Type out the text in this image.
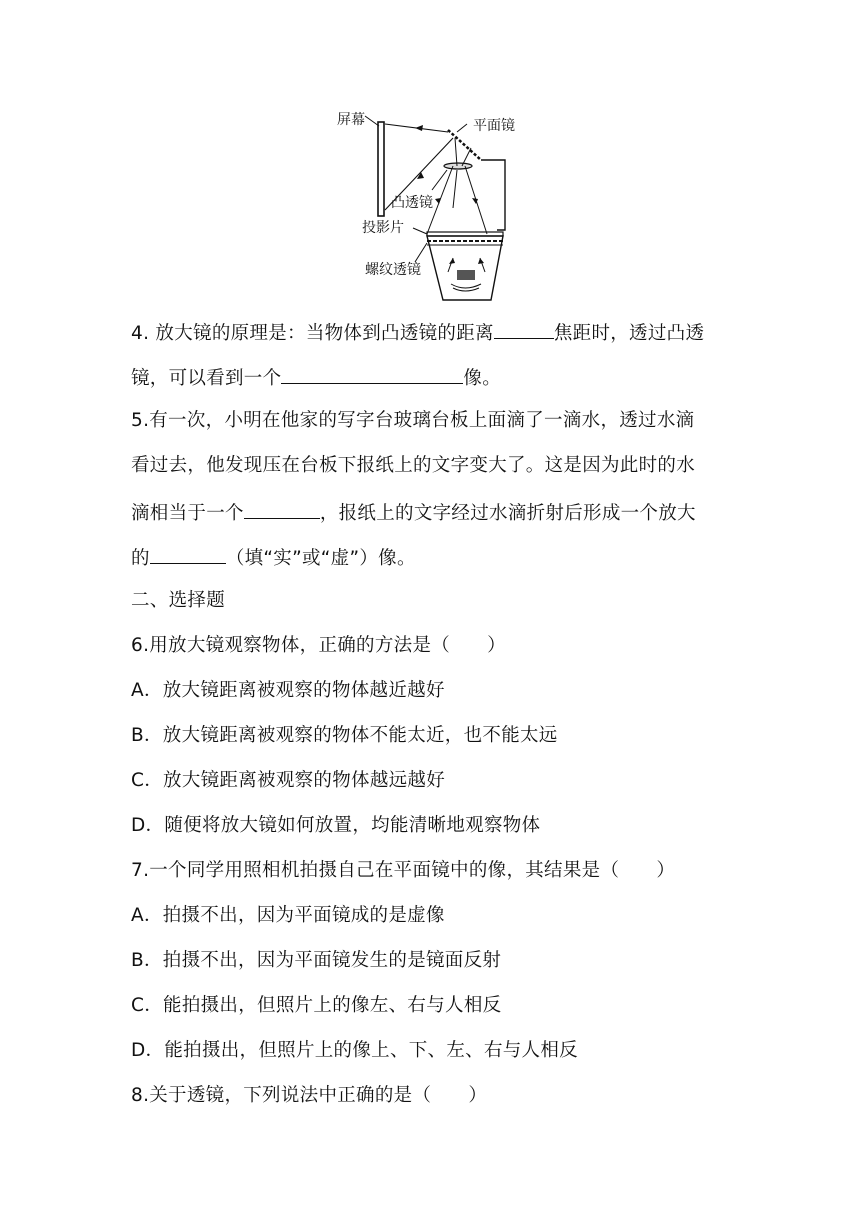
屏幕	平面镜
凸透镜
投影片
螺纹透镜
4. 放大镜的原理是：当物体到凸透镜的距离	焦距时，透过凸透
镜，可以看到一个	像。
5.有一次，小明在他家的写字台玻璃台板上面滴了一滴水，透过水滴
看过去，他发现压在台板下报纸上的文字变大了。这是因为此时的水
滴相当于一个	，报纸上的文字经过水滴折射后形成一个放大
的	（填“实”或“虚”）像。
二、选择题
6.用放大镜观察物体，正确的方法是（      ）
A．放大镜距离被观察的物体越近越好
B．放大镜距离被观察的物体不能太近，也不能太远
C．放大镜距离被观察的物体越远越好
D．随便将放大镜如何放置，均能清晰地观察物体
7.一个同学用照相机拍摄自己在平面镜中的像，其结果是（      ）
A．拍摄不出，因为平面镜成的是虚像
B．拍摄不出，因为平面镜发生的是镜面反射
C．能拍摄出，但照片上的像左、右与人相反
D．能拍摄出，但照片上的像上、下、左、右与人相反
8.关于透镜，下列说法中正确的是（      ）
